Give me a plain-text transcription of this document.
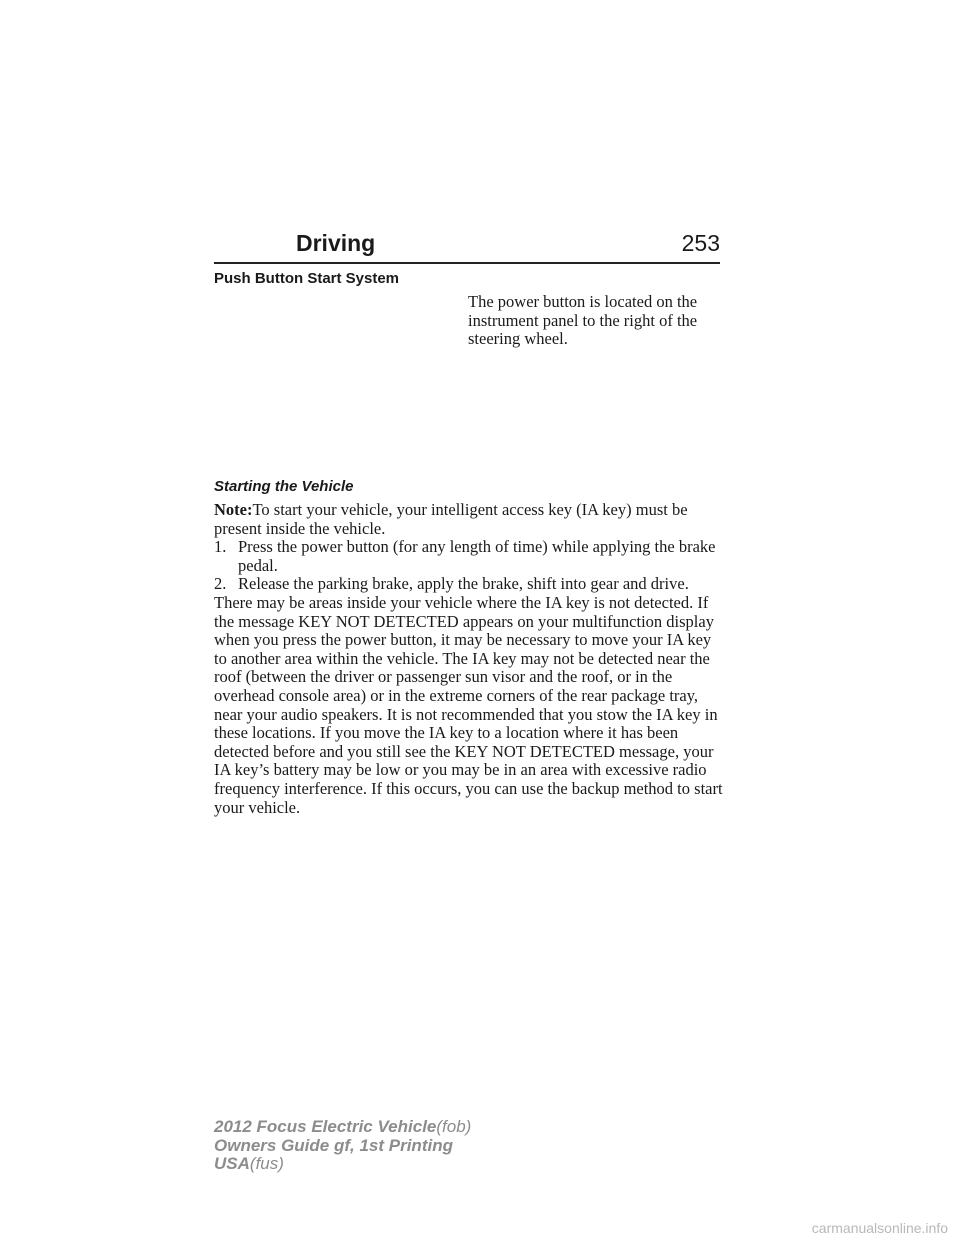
Driving	253
Push Button Start System
The power button is located on the instrument panel to the right of the steering wheel.
Starting the Vehicle
Note:To start your vehicle, your intelligent access key (IA key) must be present inside the vehicle.
1. Press the power button (for any length of time) while applying the brake pedal.
2. Release the parking brake, apply the brake, shift into gear and drive.

There may be areas inside your vehicle where the IA key is not detected. If the message KEY NOT DETECTED appears on your multifunction display when you press the power button, it may be necessary to move your IA key to another area within the vehicle. The IA key may not be detected near the roof (between the driver or passenger sun visor and the roof, or in the overhead console area) or in the extreme corners of the rear package tray, near your audio speakers. It is not recommended that you stow the IA key in these locations. If you move the IA key to a location where it has been detected before and you still see the KEY NOT DETECTED message, your IA key’s battery may be low or you may be in an area with excessive radio frequency interference. If this occurs, you can use the backup method to start your vehicle.

2012 Focus Electric Vehicle(fob)
Owners Guide gf, 1st Printing
USA(fus)
carmanualsonline.info
